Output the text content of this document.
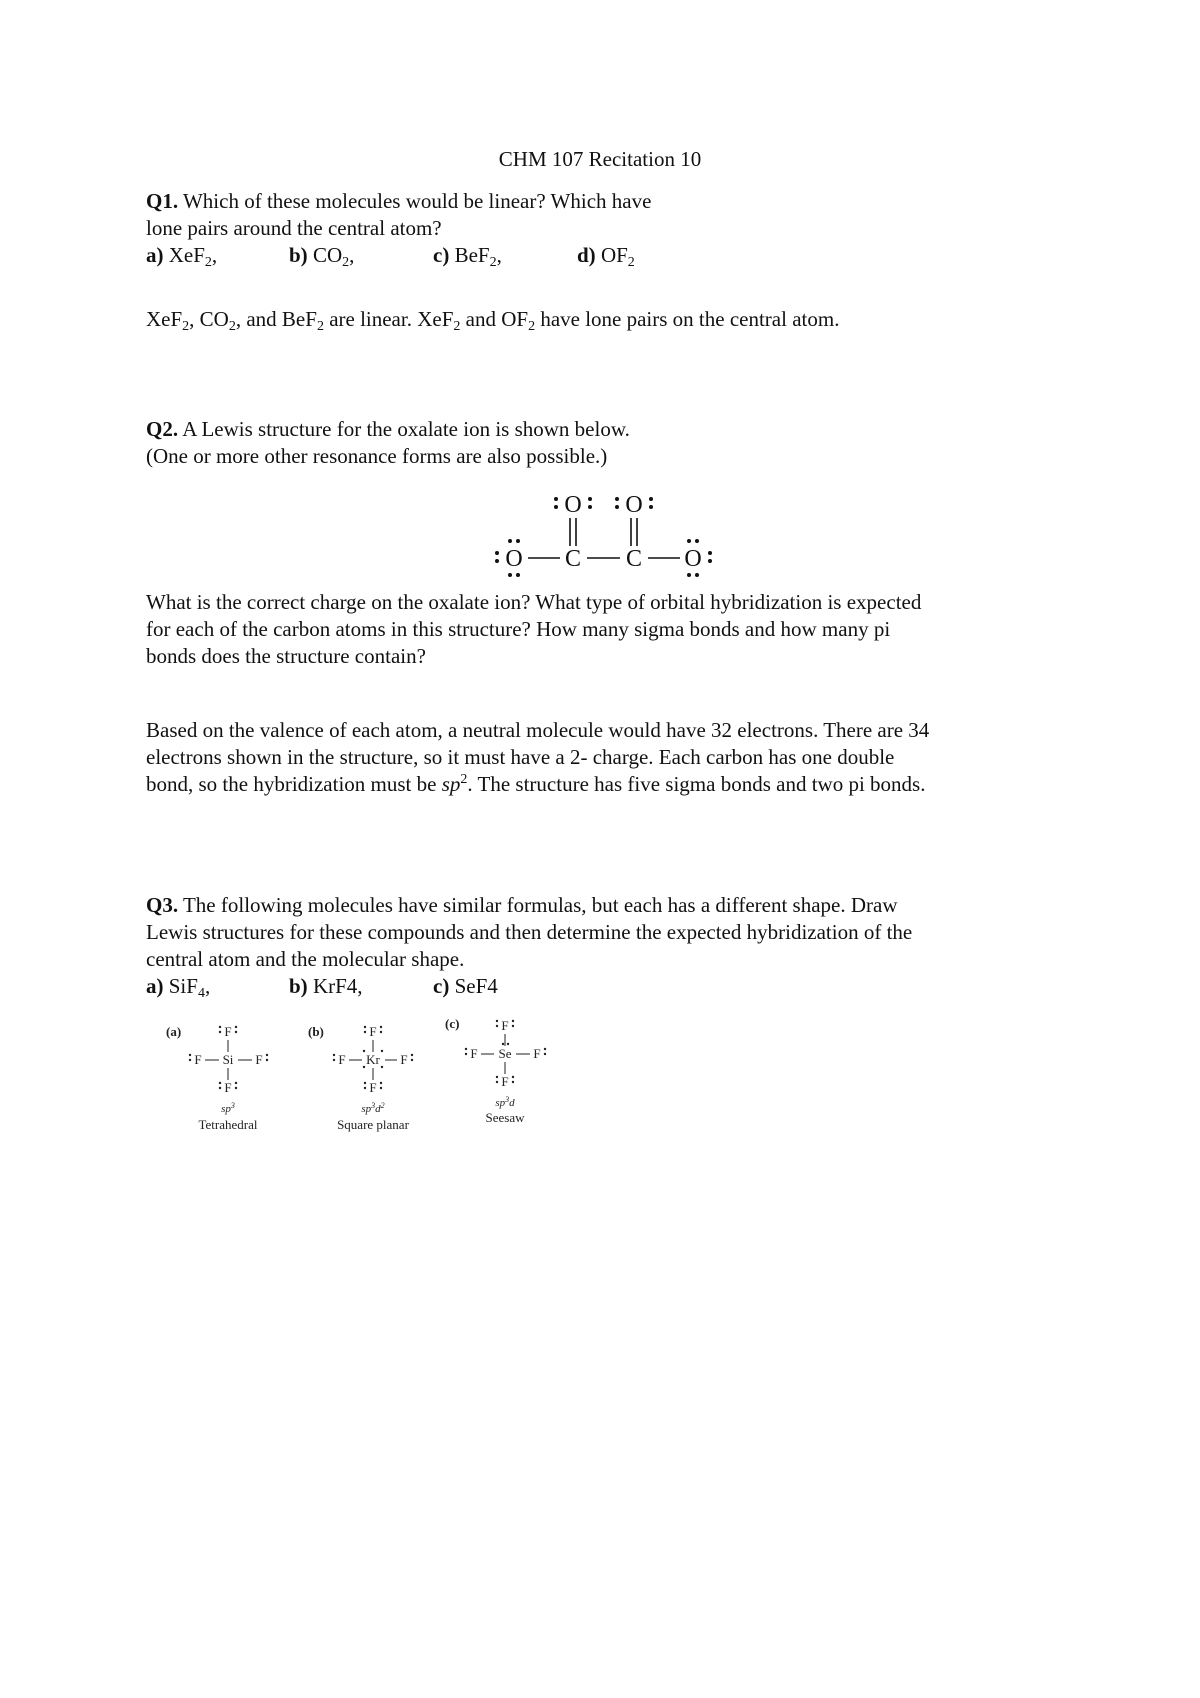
CHM 107 Recitation 10
Q1. Which of these molecules would be linear? Which have
lone pairs around the central atom?
a) XeF$_2$,	b) $CO_2$,	c) BeF$_2$,	d) $OF_2$
XeF$_2$, $CO_2$, and BeF$_2$ are linear. XeF$_2$ and $OF_2$ have lone pairs on the central atom.
Q2. A Lewis structure for the oxalate ion is shown below.
(One or more other resonance forms are also possible.)
O O
O C C O
What is the correct charge on the oxalate ion? What type of orbital hybridization is expected
for each of the carbon atoms in this structure? How many sigma bonds and how many pi
bonds does the structure contain?
Based on the valence of each atom, a neutral molecule would have 32 electrons. There are 34
electrons shown in the structure, so it must have a 2- charge. Each carbon has one double
bond, so the hybridization must be $sp^2$. The structure has five sigma bonds and two pi bonds.
Q3. The following molecules have similar formulas, but each has a different shape. Draw
Lewis structures for these compounds and then determine the expected hybridization of the
central atom and the molecular shape.
a) SiF$_4$,	b) KrF4,	c) SeF4
(a)	F
F Si F
F
$sp^3$
Tetrahedral
(b)	F
F Kr F
F
$sp^3d^2$
Square planar
(c)	F
F Se F
F
$sp^3d$
Seesaw
